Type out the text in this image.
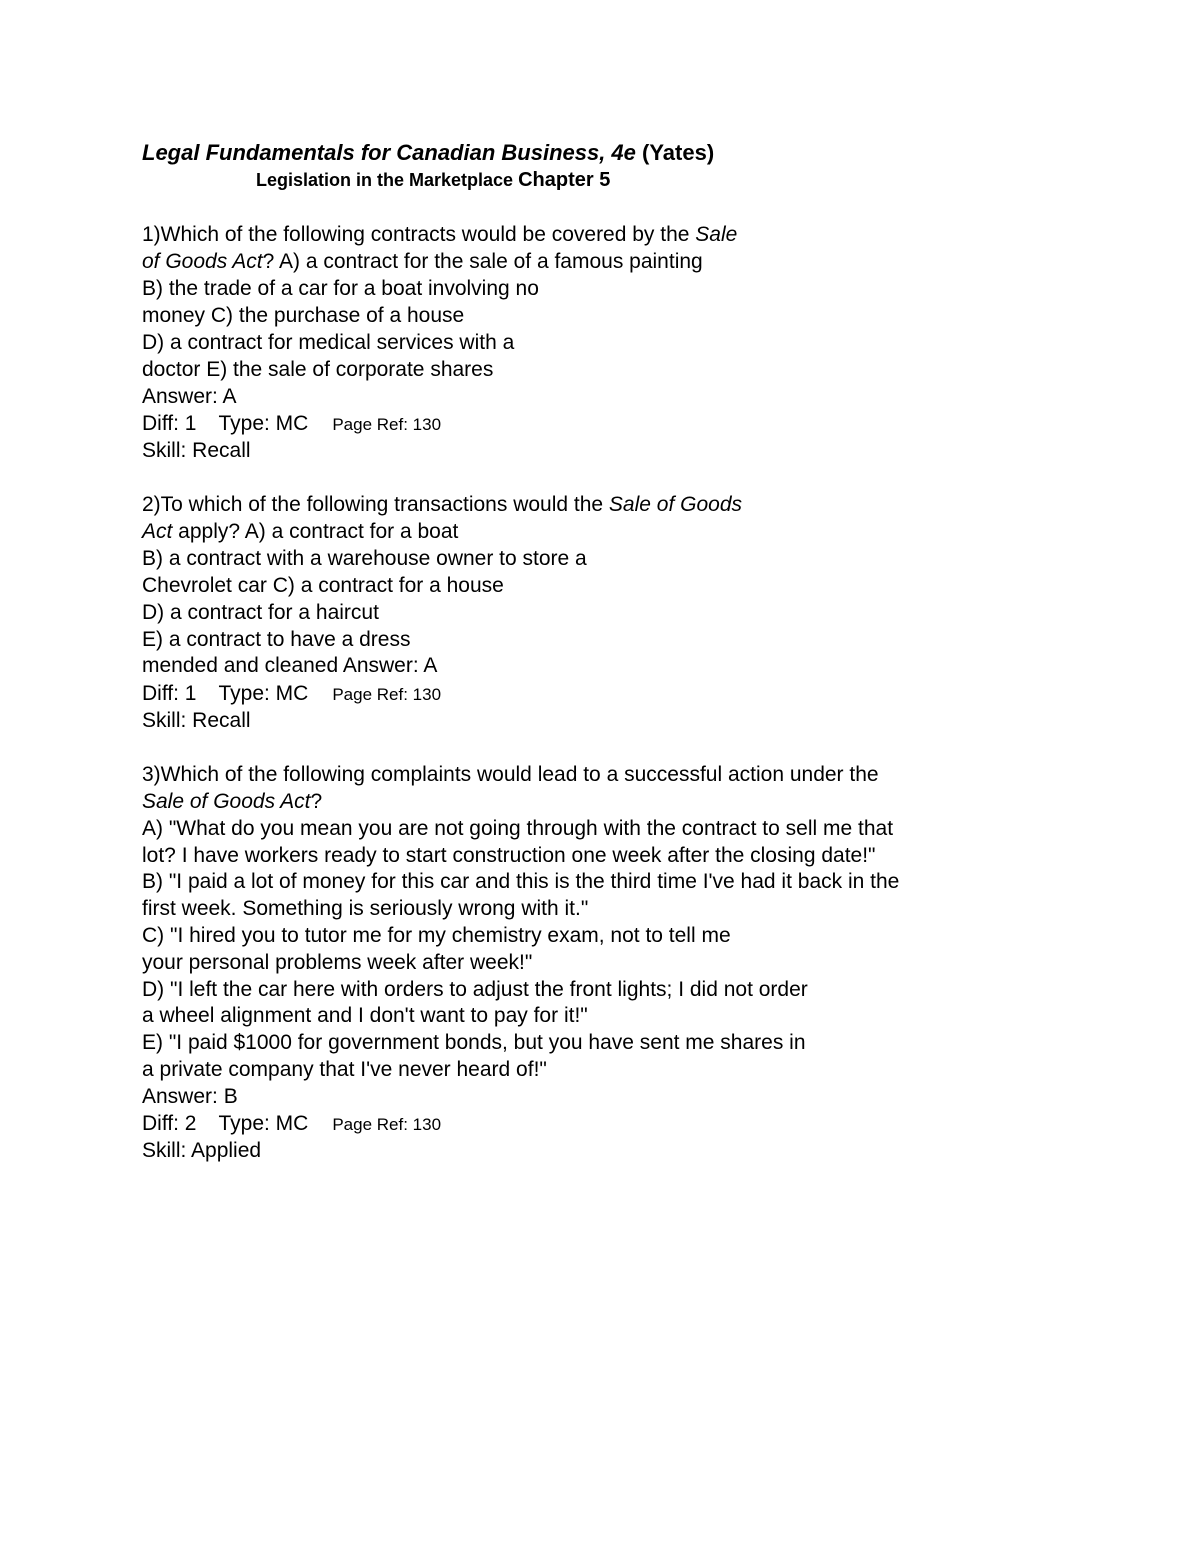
Legal Fundamentals for Canadian Business, 4e (Yates)
Legislation in the Marketplace Chapter 5
1)Which of the following contracts would be covered by the Sale
of Goods Act? A) a contract for the sale of a famous painting
B) the trade of a car for a boat involving no
money C) the purchase of a house
D) a contract for medical services with a
doctor E) the sale of corporate shares
Answer: A
Diff: 1 Type: MC Page Ref: 130
Skill: Recall
2)To which of the following transactions would the Sale of Goods
Act apply? A) a contract for a boat
B) a contract with a warehouse owner to store a
Chevrolet car C) a contract for a house
D) a contract for a haircut
E) a contract to have a dress
mended and cleaned Answer: A
Diff: 1 Type: MC Page Ref: 130
Skill: Recall
3)Which of the following complaints would lead to a successful action under the
Sale of Goods Act?
A) "What do you mean you are not going through with the contract to sell me that
lot? I have workers ready to start construction one week after the closing date!"
B) "I paid a lot of money for this car and this is the third time I've had it back in the
first week. Something is seriously wrong with it."
C) "I hired you to tutor me for my chemistry exam, not to tell me
your personal problems week after week!"
D) "I left the car here with orders to adjust the front lights; I did not order
a wheel alignment and I don't want to pay for it!"
E) "I paid $1000 for government bonds, but you have sent me shares in
a private company that I've never heard of!"
Answer: B
Diff: 2 Type: MC Page Ref: 130
Skill: Applied
